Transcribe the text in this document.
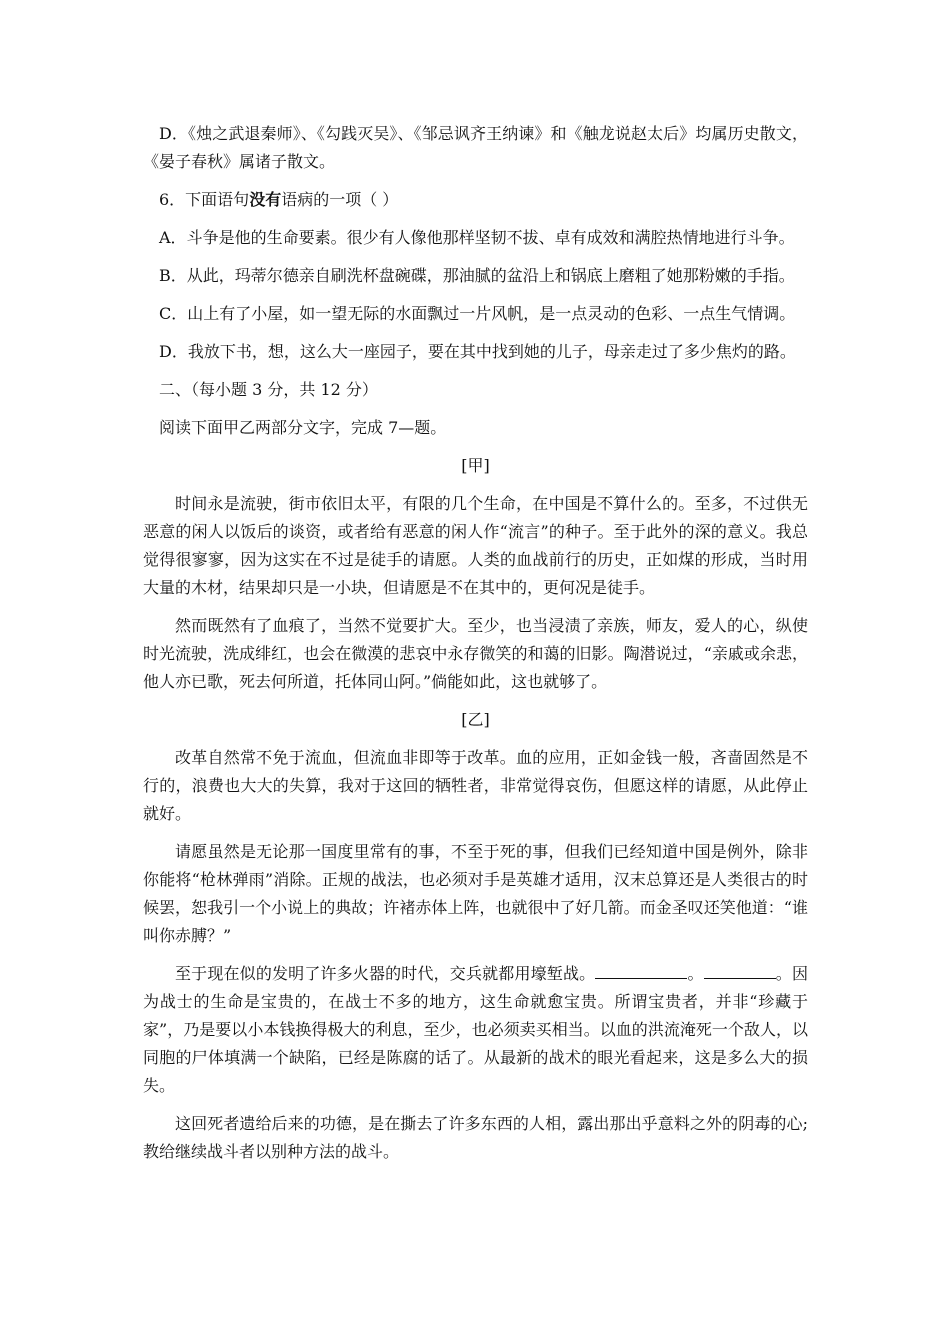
D．《烛之武退秦师》、《勾践灭吴》、《邹忌讽齐王纳谏》和《触龙说赵太后》均属历史散文，《晏子春秋》属诸子散文。

6．下面语句没有语病的一项（ ）

A．斗争是他的生命要素。很少有人像他那样坚韧不拔、卓有成效和满腔热情地进行斗争。

B．从此，玛蒂尔德亲自刷洗杯盘碗碟，那油腻的盆沿上和锅底上磨粗了她那粉嫩的手指。

C．山上有了小屋，如一望无际的水面飘过一片风帆，是一点灵动的色彩、一点生气情调。

D．我放下书，想，这么大一座园子，要在其中找到她的儿子，母亲走过了多少焦灼的路。

二、（每小题 3 分，共 12 分）

阅读下面甲乙两部分文字，完成 7—题。

[甲]

时间永是流驶，街市依旧太平，有限的几个生命，在中国是不算什么的。至多，不过供无恶意的闲人以饭后的谈资，或者给有恶意的闲人作“流言”的种子。至于此外的深的意义。我总觉得很寥寥，因为这实在不过是徒手的请愿。人类的血战前行的历史，正如煤的形成，当时用大量的木材，结果却只是一小块，但请愿是不在其中的，更何况是徒手。

然而既然有了血痕了，当然不觉要扩大。至少，也当浸渍了亲族，师友，爱人的心，纵使时光流驶，洗成绯红，也会在微漠的悲哀中永存微笑的和蔼的旧影。陶潜说过，“亲戚或余悲，他人亦已歌，死去何所道，托体同山阿。”倘能如此，这也就够了。

[乙]

改革自然常不免于流血，但流血非即等于改革。血的应用，正如金钱一般，吝啬固然是不行的，浪费也大大的失算，我对于这回的牺牲者，非常觉得哀伤，但愿这样的请愿，从此停止就好。

请愿虽然是无论那一国度里常有的事，不至于死的事，但我们已经知道中国是例外，除非你能将“枪林弹雨”消除。正规的战法，也必须对手是英雄才适用，汉末总算还是人类很古的时候罢，恕我引一个小说上的典故；许褚赤体上阵，也就很中了好几箭。而金圣叹还笑他道：“谁叫你赤膊？”

至于现在似的发明了许多火器的时代，交兵就都用壕堑战。	。	。因为战士的生命是宝贵的，在战士不多的地方，这生命就愈宝贵。所谓宝贵者，并非“珍藏于家”，乃是要以小本钱换得极大的利息，至少，也必须卖买相当。以血的洪流淹死一个敌人，以同胞的尸体填满一个缺陷，已经是陈腐的话了。从最新的战术的眼光看起来，这是多么大的损失。

这回死者遗给后来的功德，是在撕去了许多东西的人相，露出那出乎意料之外的阴毒的心;教给继续战斗者以别种方法的战斗。
